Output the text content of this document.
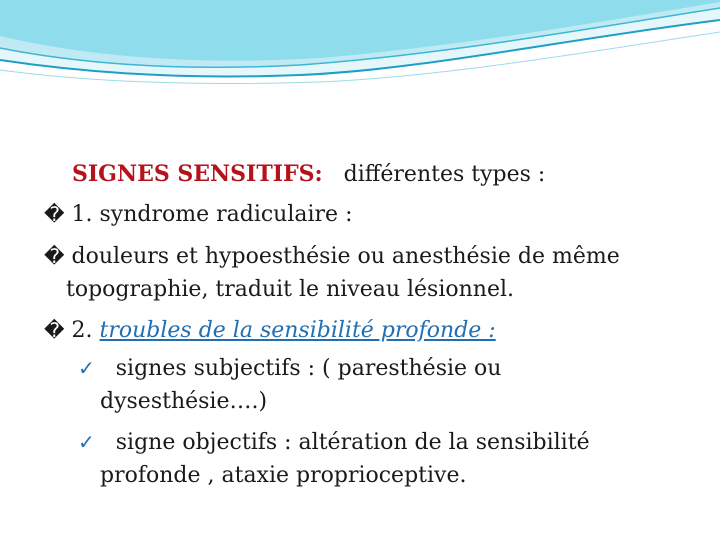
SIGNES SENSITIFS: différentes types :
� 1. syndrome radiculaire :
� douleurs et hypoesthésie ou anesthésie de même
topographie, traduit le niveau lésionnel.
� 2. troubles de la sensibilité profonde :
✓ signes subjectifs : ( paresthésie ou
dysesthésie….)
✓ signe objectifs : altération de la sensibilité
profonde , ataxie proprioceptive.
